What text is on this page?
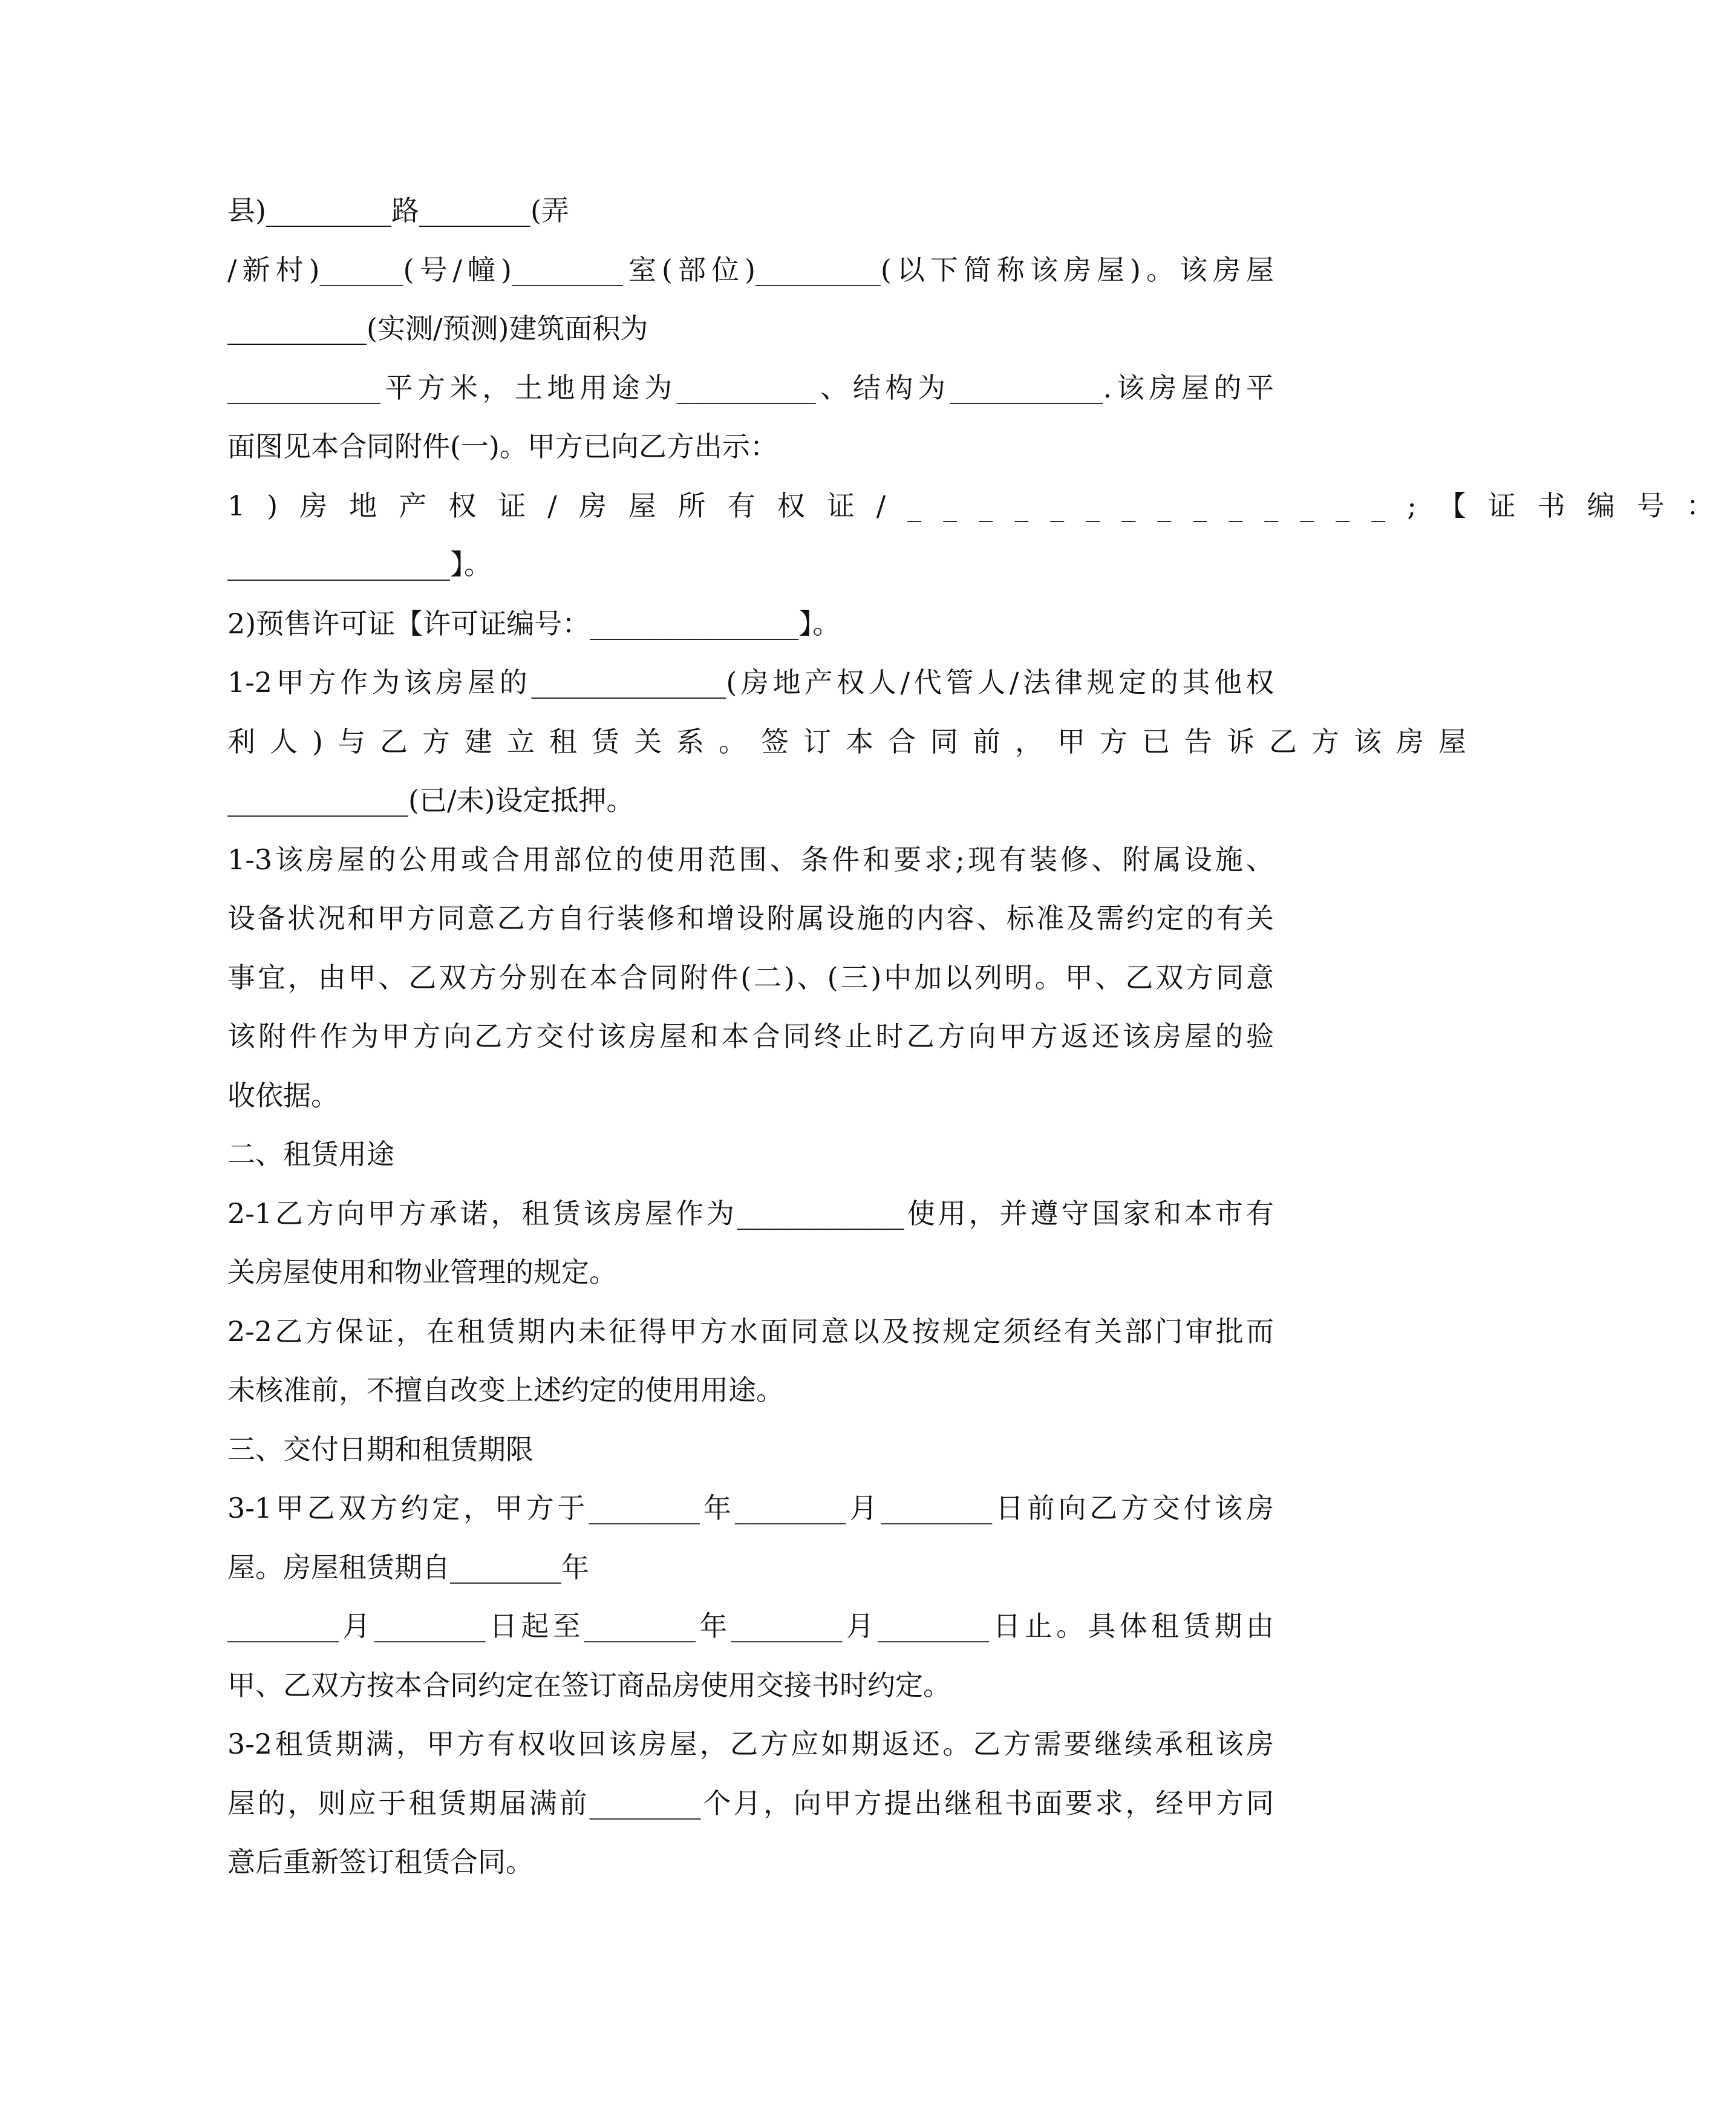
县)_________路________(弄
/新村)______(号/幢)________室(部位)_________(以下简称该房屋)。该房屋
__________(实测/预测)建筑面积为
___________平方米，土地用途为__________、结构为___________.该房屋的平
面图见本合同附件(一)。甲方已向乙方出示：
1)房地产权证/房屋所有权证/______________;【证书编号：
________________】。
2)预售许可证【许可证编号：_______________】。
1-2甲方作为该房屋的______________(房地产权人/代管人/法律规定的其他权
利人)与乙方建立租赁关系。签订本合同前，甲方已告诉乙方该房屋
_____________(已/未)设定抵押。
1-3该房屋的公用或合用部位的使用范围、条件和要求;现有装修、附属设施、
设备状况和甲方同意乙方自行装修和增设附属设施的内容、标准及需约定的有关
事宜，由甲、乙双方分别在本合同附件(二)、(三)中加以列明。甲、乙双方同意
该附件作为甲方向乙方交付该房屋和本合同终止时乙方向甲方返还该房屋的验
收依据。
二、租赁用途
2-1乙方向甲方承诺，租赁该房屋作为____________使用，并遵守国家和本市有
关房屋使用和物业管理的规定。
2-2乙方保证，在租赁期内未征得甲方水面同意以及按规定须经有关部门审批而
未核准前，不擅自改变上述约定的使用用途。
三、交付日期和租赁期限
3-1甲乙双方约定，甲方于________年________月________日前向乙方交付该房
屋。房屋租赁期自________年
________月________日起至________年________月________日止。具体租赁期由
甲、乙双方按本合同约定在签订商品房使用交接书时约定。
3-2租赁期满，甲方有权收回该房屋，乙方应如期返还。乙方需要继续承租该房
屋的，则应于租赁期届满前________个月，向甲方提出继租书面要求，经甲方同
意后重新签订租赁合同。
